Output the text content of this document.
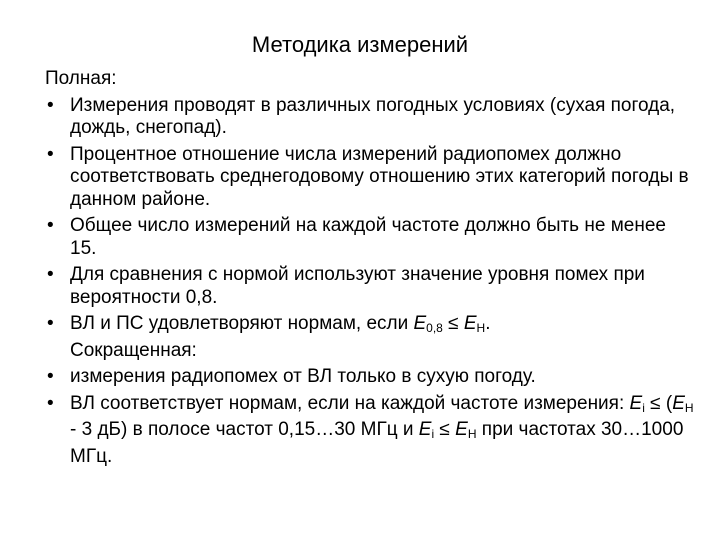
Методика измерений
Полная:
• Измерения проводят в различных погодных условиях (сухая погода, дождь, снегопад).
• Процентное отношение числа измерений радиопомех должно соответствовать среднегодовому отношению этих категорий погоды в данном районе.
• Общее число измерений на каждой частоте должно быть не менее 15.
• Для сравнения с нормой используют значение уровня помех при вероятности 0,8.
• ВЛ и ПС удовлетворяют нормам, если $E_{0,8} \le E_Н$.
Сокращенная:
• измерения радиопомех от ВЛ только в сухую погоду.
• ВЛ соответствует нормам, если на каждой частоте измерения: $E_i \le (E_Н - 3$ дБ) в полосе частот 0,15…30 МГц и $E_i \le E_Н$ при частотах 30…1000 МГц.
